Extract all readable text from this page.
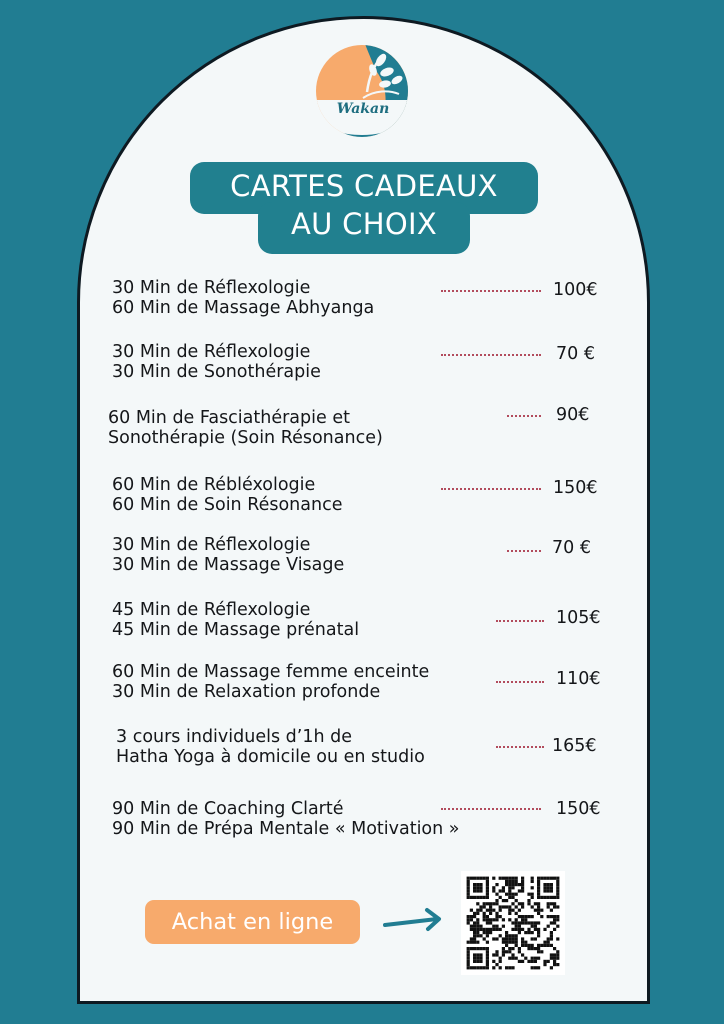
Wakan
CARTES CADEAUX
AU CHOIX
30 Min de Réflexologie
60 Min de Massage Abhyanga
100€
30 Min de Réflexologie
30 Min de Sonothérapie
70 €
60 Min de Fasciathérapie et
Sonothérapie (Soin Résonance)
90€
60 Min de Rébléxologie
60 Min de Soin Résonance
150€
30 Min de Réflexologie
30 Min de Massage Visage
70 €
45 Min de Réflexologie
45 Min de Massage prénatal
105€
60 Min de Massage femme enceinte
30 Min de Relaxation profonde
110€
3 cours individuels d’1h de
Hatha Yoga à domicile ou en studio
165€
90 Min de Coaching Clarté
90 Min de Prépa Mentale « Motivation »
150€
Achat en ligne
